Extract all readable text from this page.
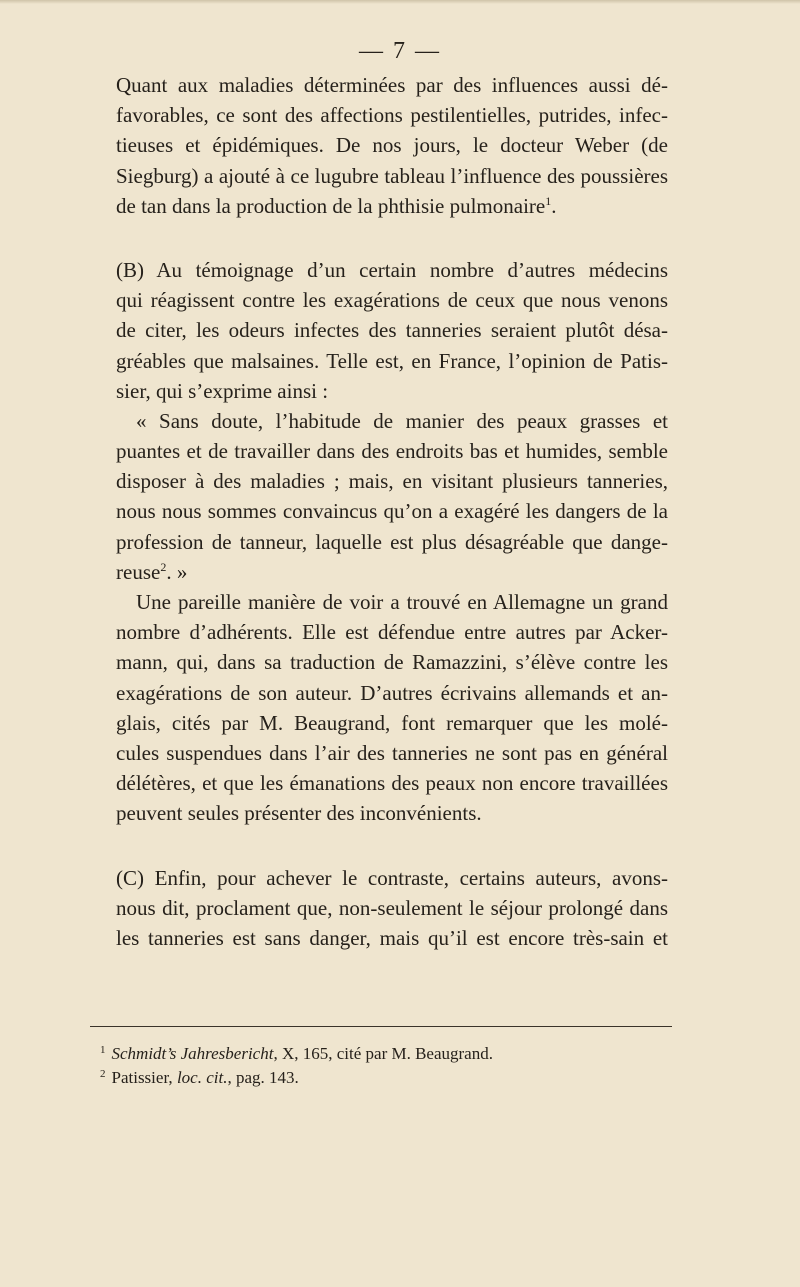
— 7 —
Quant aux maladies déterminées par des influences aussi dé-
favorables, ce sont des affections pestilentielles, putrides, infec-
tieuses et épidémiques. De nos jours, le docteur Weber (de
Siegburg) a ajouté à ce lugubre tableau l’influence des poussières
de tan dans la production de la phthisie pulmonaire$^1$.
(B) Au témoignage d’un certain nombre d’autres médecins
qui réagissent contre les exagérations de ceux que nous venons
de citer, les odeurs infectes des tanneries seraient plutôt désa-
gréables que malsaines. Telle est, en France, l’opinion de Patis-
sier, qui s’exprime ainsi :
« Sans doute, l’habitude de manier des peaux grasses et
puantes et de travailler dans des endroits bas et humides, semble
disposer à des maladies ; mais, en visitant plusieurs tanneries,
nous nous sommes convaincus qu’on a exagéré les dangers de la
profession de tanneur, laquelle est plus désagréable que dange-
reuse$^2$. »
Une pareille manière de voir a trouvé en Allemagne un grand
nombre d’adhérents. Elle est défendue entre autres par Acker-
mann, qui, dans sa traduction de Ramazzini, s’élève contre les
exagérations de son auteur. D’autres écrivains allemands et an-
glais, cités par M. Beaugrand, font remarquer que les molé-
cules suspendues dans l’air des tanneries ne sont pas en général
délétères, et que les émanations des peaux non encore travaillées
peuvent seules présenter des inconvénients.
(C) Enfin, pour achever le contraste, certains auteurs, avons-
nous dit, proclament que, non-seulement le séjour prolongé dans
les tanneries est sans danger, mais qu’il est encore très-sain et
$^1$ Schmidt’s Jahresbericht, X, 165, cité par M. Beaugrand.
$^2$ Patissier, loc. cit., pag. 143.
